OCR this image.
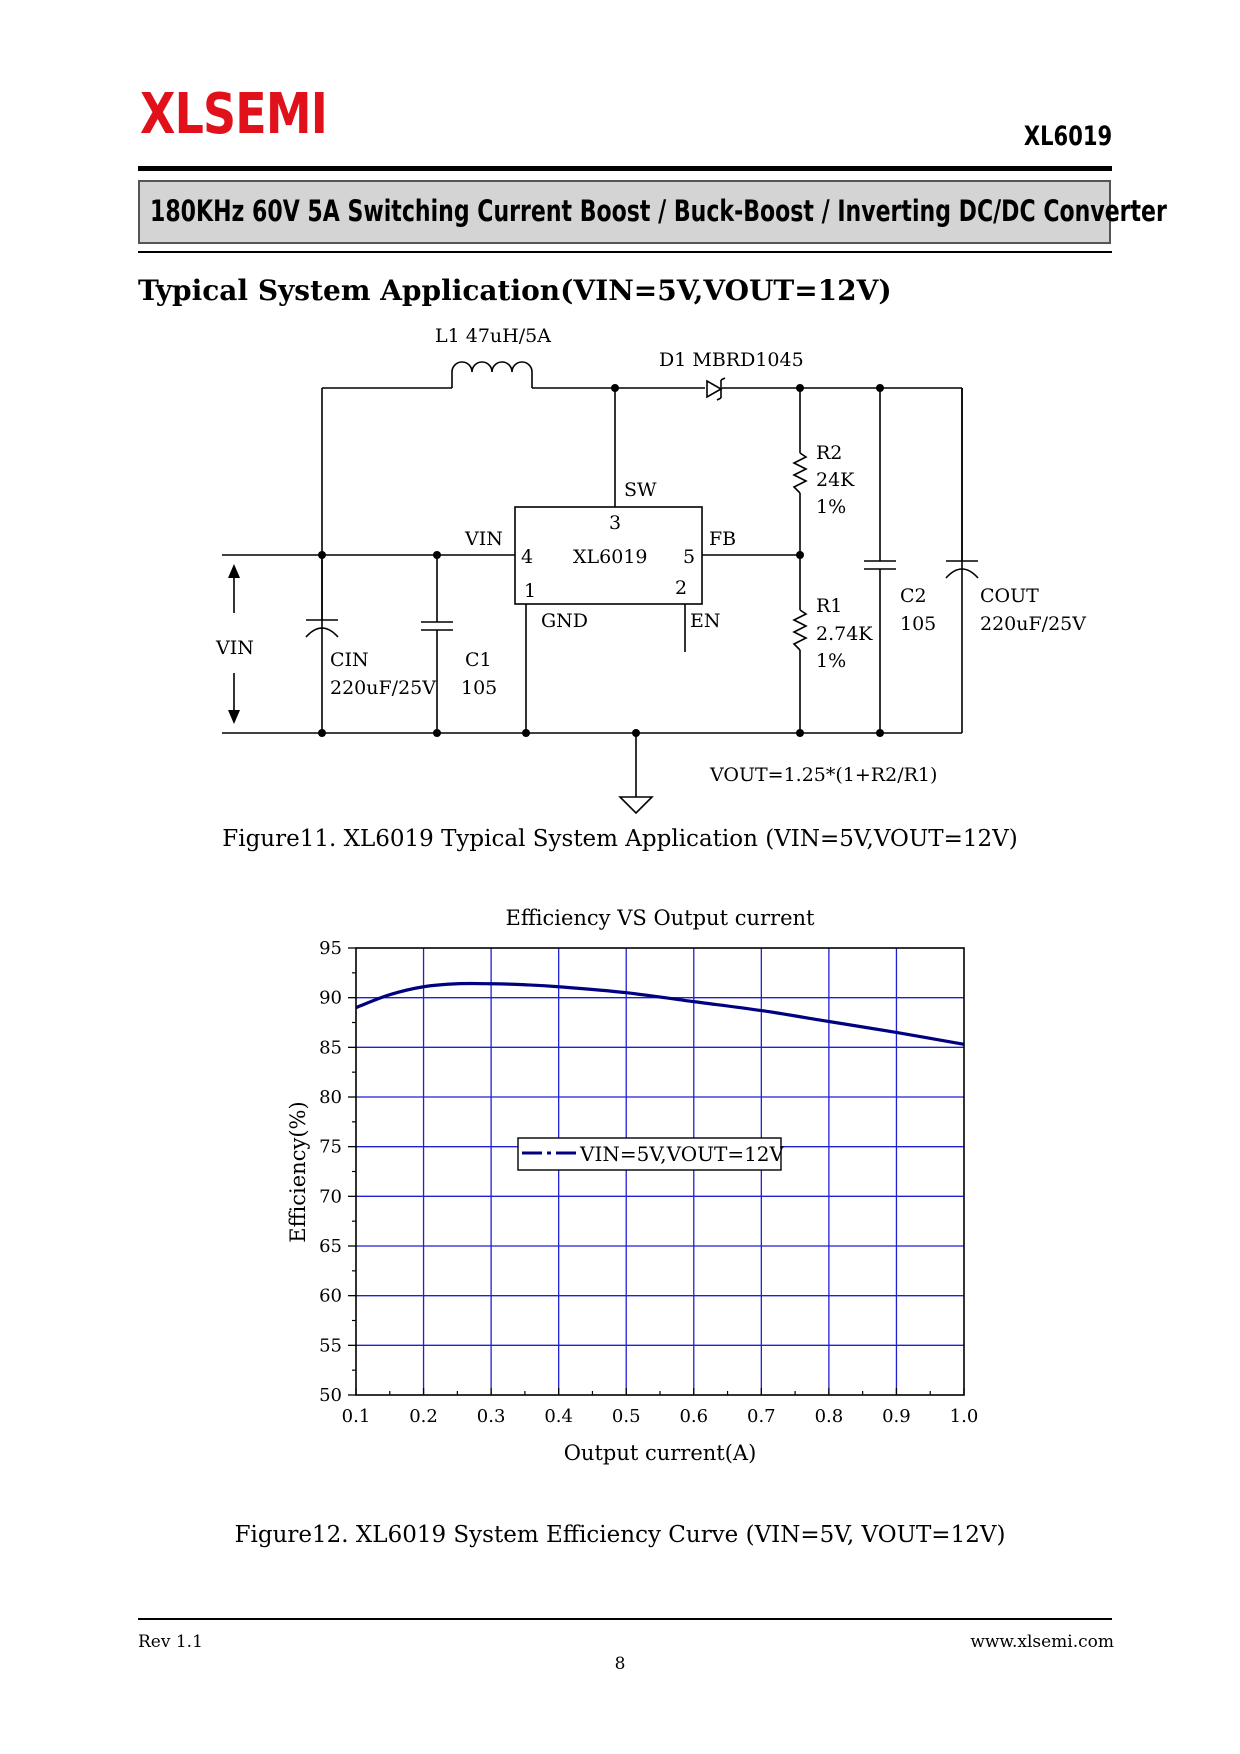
XLSEMI	XL6019
180KHz 60V 5A Switching Current Boost / Buck-Boost / Inverting DC/DC Converter
Typical System Application(VIN=5V,VOUT=12V)
L1 47uH/5A
D1 MBRD1045
SW
3
VIN
4 XL6019 5
FB
1	2
GND	EN
R2
24K
1%
R1
2.74K
1%
C2
105
COUT
220uF/25V
VIN
CIN
220uF/25V
C1
105
VOUT=1.25*(1+R2/R1)
Figure11. XL6019 Typical System Application (VIN=5V,VOUT=12V)
0.1 0.2 0.3 0.4 0.5 0.6 0.7 0.8 0.9 1.0
50
55
60
65
70
75
80
85
90
95
Efficiency VS Output current
Output current(A)
Efficiency(%)	VIN=5V,VOUT=12V
Figure12. XL6019 System Efficiency Curve (VIN=5V, VOUT=12V)
Rev 1.1	www.xlsemi.com
8
